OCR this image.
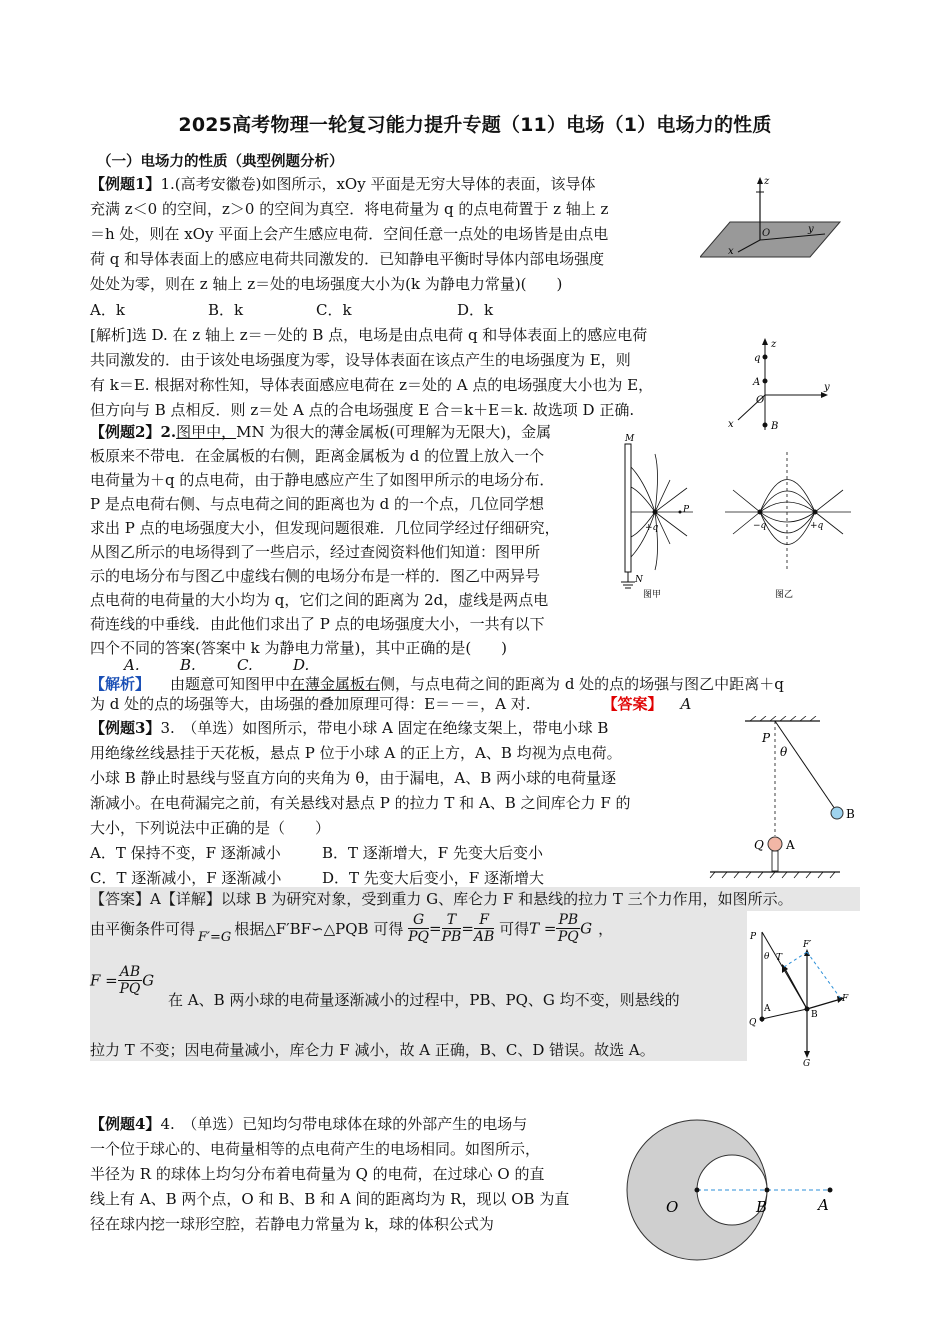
2025高考物理一轮复习能力提升专题（11）电场（1）电场力的性质
（一）电场力的性质（典型例题分析）
【例题1】1.(高考安徽卷)如图所示，xOy 平面是无穷大导体的表面，该导体
充满 z＜0 的空间，z＞0 的空间为真空．将电荷量为 q 的点电荷置于 z 轴上 z
＝h 处，则在 xOy 平面上会产生感应电荷．空间任意一点处的电场皆是由点电
荷 q 和导体表面上的感应电荷共同激发的．已知静电平衡时导体内部电场强度
处处为零，则在 z 轴上 z＝处的电场强度大小为(k 为静电力常量)(　　)
A．k	B．k	C．k	D．k
[解析]选 D. 在 z 轴上 z＝－处的 B 点，电场是由点电荷 q 和导体表面上的感应电荷
共同激发的．由于该处电场强度为零，设导体表面在该点产生的电场强度为 E，则
有 k＝E. 根据对称性知，导体表面感应电荷在 z＝处的 A 点的电场强度大小也为 E，
但方向与 B 点相反．则 z＝处 A 点的合电场强度 E 合＝k＋E＝k. 故选项 D 正确.
z
O	y
x
z
q
A
O
y
x	B
【例题2】2.图甲中，MN 为很大的薄金属板(可理解为无限大)，金属
板原来不带电．在金属板的右侧，距离金属板为 d 的位置上放入一个
电荷量为＋q 的点电荷，由于静电感应产生了如图甲所示的电场分布．
P 是点电荷右侧、与点电荷之间的距离也为 d 的一个点，几位同学想
求出 P 点的电场强度大小，但发现问题很难．几位同学经过仔细研究，
从图乙所示的电场得到了一些启示，经过查阅资料他们知道：图甲所
示的电场分布与图乙中虚线右侧的电场分布是一样的．图乙中两异号
点电荷的电荷量的大小均为 q，它们之间的距离为 2d，虚线是两点电
荷连线的中垂线．由此他们求出了 P 点的电场强度大小，一共有以下
四个不同的答案(答案中 k 为静电力常量)，其中正确的是(　　)
M
N
+q
P
图甲
−q	+q
图乙
A.	B.	C.	D.
【解析】 由题意可知图甲中在薄金属板右侧，与点电荷之间的距离为 d 处的点的场强与图乙中距离＋q
为 d 处的点的场强等大，由场强的叠加原理可得：E＝－＝，A 对.	【答案】 A
【例题3】3.　（单选）如图所示，带电小球 A 固定在绝缘支架上，带电小球 B
用绝缘丝线悬挂于天花板，悬点 P 位于小球 A 的正上方，A、B 均视为点电荷。
小球 B 静止时悬线与竖直方向的夹角为 θ，由于漏电，A、B 两小球的电荷量逐
渐减小。在电荷漏完之前，有关悬线对悬点 P 的拉力 T 和 A、B 之间库仑力 F 的
大小，下列说法中正确的是（　　）
A．T 保持不变，F 逐渐减小	B．T 逐渐增大，F 先变大后变小
C．T 逐渐减小，F 逐渐减小	D．T 先变大后变小，F 逐渐增大
P
θ
B
Q A
【答案】A【详解】以球 B 为研究对象，受到重力 G、库仑力 F 和悬线的拉力 T 三个力作用，如图所示。
由平衡条件可得 F′=G 根据△F′BF∽△PQB 可得 $\frac{G}{PQ} = \frac{T}{PB} = \frac{F}{AB}$ 可得$T = \frac{PB}{PQ}$ G ，
$F = \frac{AB}{PQ}$ G
在 A、B 两小球的电荷量逐渐减小的过程中，PB、PQ、G 均不变，则悬线的
拉力 T 不变；因电荷量减小，库仑力 F 减小，故 A 正确，B、C、D 错误。故选 A。
P
θ T
F′
F
A
Q
B
G
【例题4】4.　（单选）已知均匀带电球体在球的外部产生的电场与
一个位于球心的、电荷量相等的点电荷产生的电场相同。如图所示，
半径为 R 的球体上均匀分布着电荷量为 Q 的电荷，在过球心 O 的直
线上有 A、B 两个点，O 和 B、B 和 A 间的距离均为 R，现以 OB 为直
径在球内挖一球形空腔，若静电力常量为 k，球的体积公式为
O	B	A
